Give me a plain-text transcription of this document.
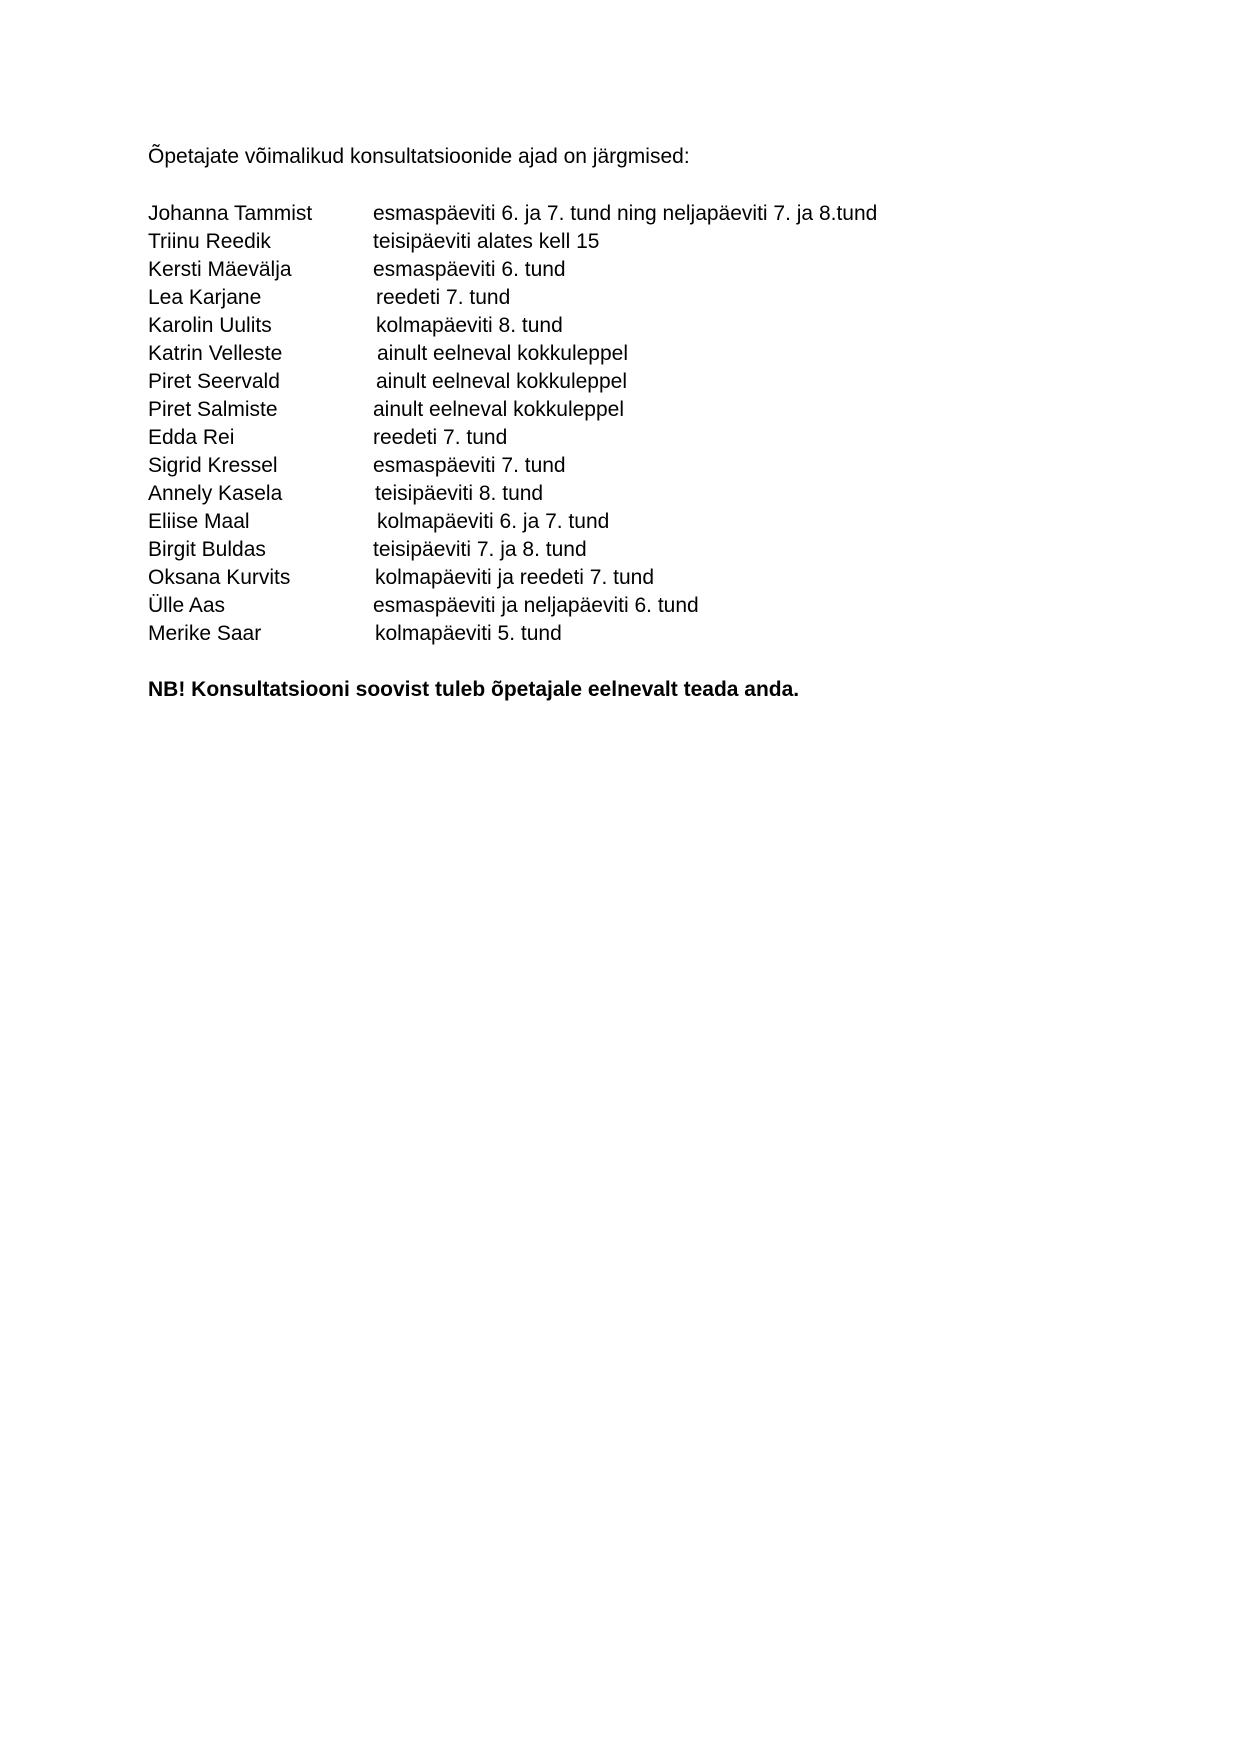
Õpetajate võimalikud konsultatsioonide ajad on järgmised:
Johanna Tammist	esmaspäeviti 6. ja 7. tund ning neljapäeviti 7. ja 8.tund
Triinu Reedik	teisipäeviti alates kell 15
Kersti Mäevälja	esmaspäeviti 6. tund
Lea Karjane	reedeti 7. tund
Karolin Uulits	kolmapäeviti 8. tund
Katrin Velleste	ainult eelneval kokkuleppel
Piret Seervald	ainult eelneval kokkuleppel
Piret Salmiste	ainult eelneval kokkuleppel
Edda Rei	reedeti 7. tund
Sigrid Kressel	esmaspäeviti 7. tund
Annely Kasela	teisipäeviti 8. tund
Eliise Maal	kolmapäeviti 6. ja 7. tund
Birgit Buldas	teisipäeviti 7. ja 8. tund
Oksana Kurvits	kolmapäeviti ja reedeti 7. tund
Ülle Aas	esmaspäeviti ja neljapäeviti 6. tund
Merike Saar	kolmapäeviti 5. tund
NB! Konsultatsiooni soovist tuleb õpetajale eelnevalt teada anda.
